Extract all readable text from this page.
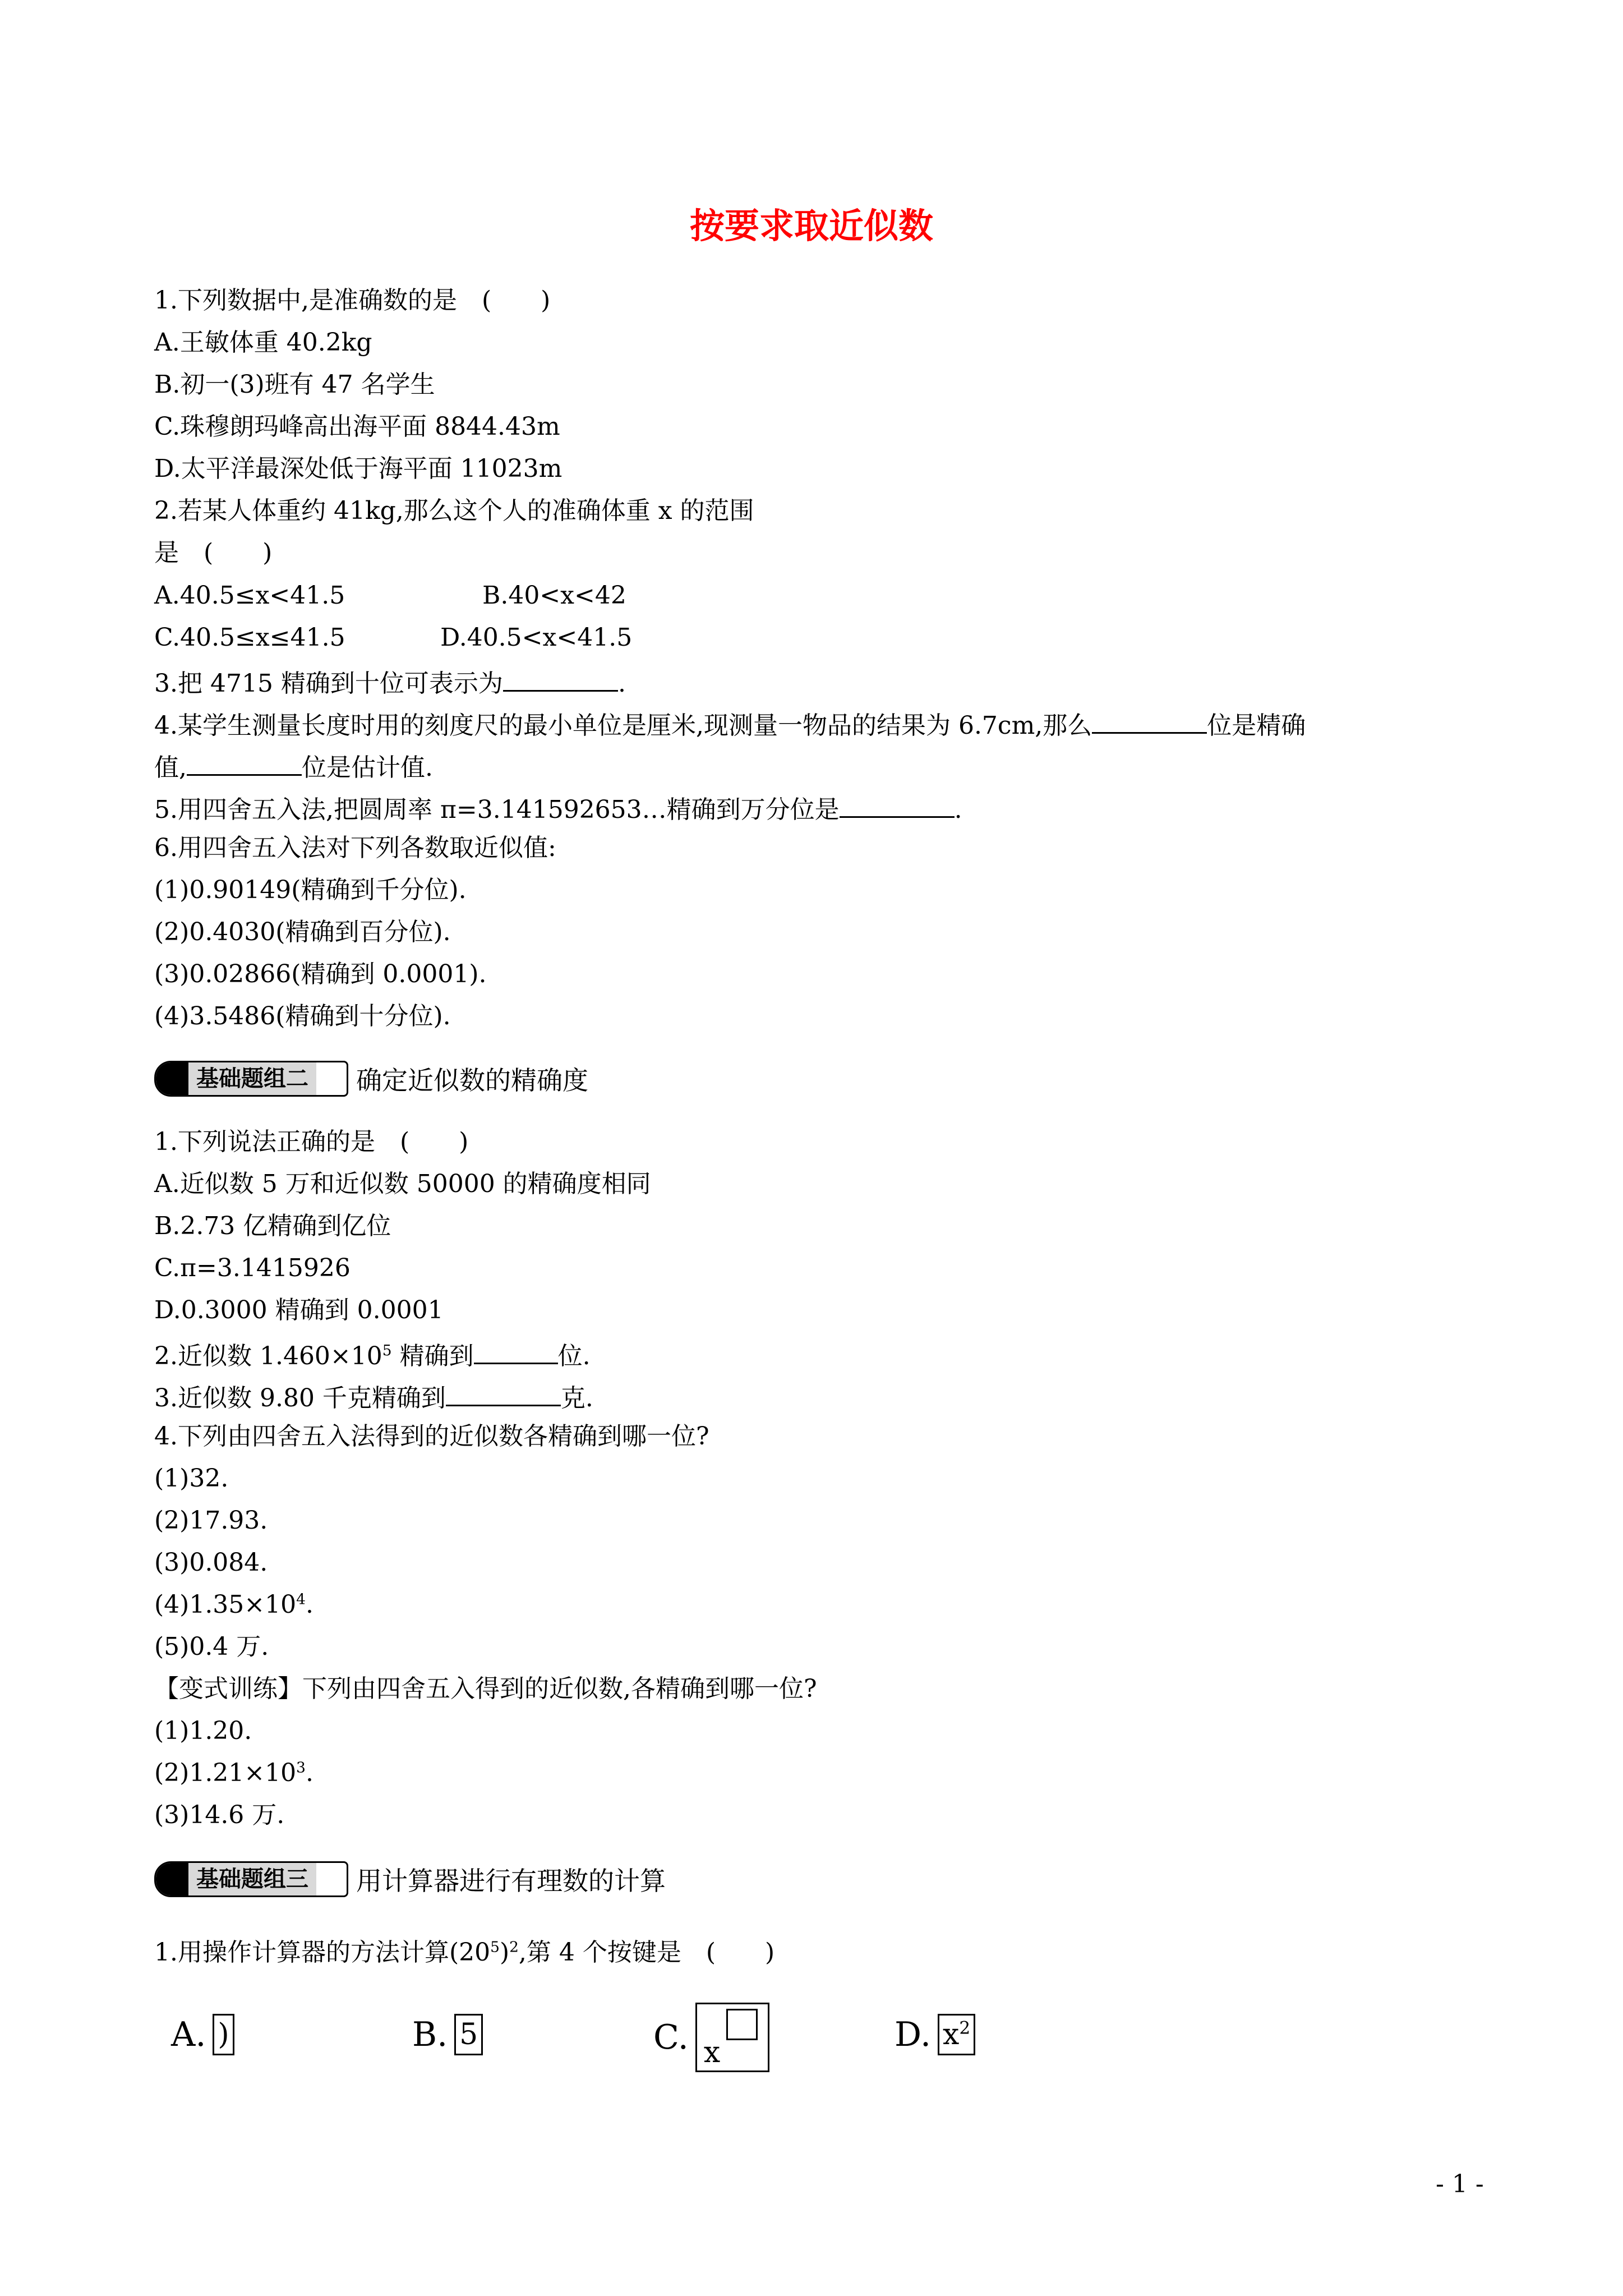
按要求取近似数
1.下列数据中,是准确数的是　(　　)
A.王敏体重 40.2kg
B.初一(3)班有 47 名学生
C.珠穆朗玛峰高出海平面 8844.43m
D.太平洋最深处低于海平面 11023m
2.若某人体重约 41kg,那么这个人的准确体重 x 的范围
是　(　　)
A.40.5≤x<41.5	B.40<x<42
C.40.5≤x≤41.5	D.40.5<x<41.5
3.把 4715 精确到十位可表示为	.
4.某学生测量长度时用的刻度尺的最小单位是厘米,现测量一物品的结果为 6.7cm,那么	位是精确
值,	位是估计值.
5.用四舍五入法,把圆周率 π=3.141592653…精确到万分位是	.
6.用四舍五入法对下列各数取近似值:
(1)0.90149(精确到千分位).
(2)0.4030(精确到百分位).
(3)0.02866(精确到 0.0001).
(4)3.5486(精确到十分位).
基础题组二	确定近似数的精确度
1.下列说法正确的是　(　　)
A.近似数 5 万和近似数 50000 的精确度相同
B.2.73 亿精确到亿位
C.π=3.1415926
D.0.3000 精确到 0.0001
2.近似数 $1.460\times 10^5$ 精确到	位.
3.近似数 9.80 千克精确到	克.
4.下列由四舍五入法得到的近似数各精确到哪一位?
(1)32.
(2)17.93.
(3)0.084.
$(4)1.35\times 10^4$.
(5)0.4 万.
【变式训练】下列由四舍五入得到的近似数,各精确到哪一位?
(1)1.20.
$(2)1.21\times 10^3$.
(3)14.6 万.
基础题组三	用计算器进行有理数的计算
1.用操作计算器的方法计算$(20^5)^2$,第 4 个按键是　(　　)
A. )	B. 5	C. x	D. $x^2$
- 1 -
